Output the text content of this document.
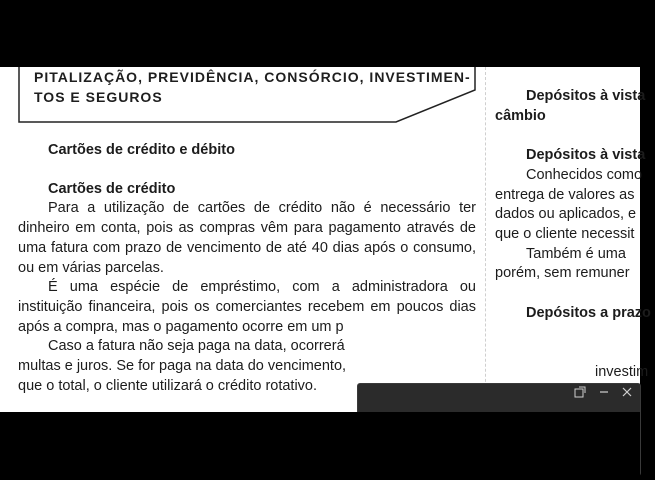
PITALIZAÇÃO, PREVIDÊNCIA, CONSÓRCIO, INVESTIMEN-TOS E SEGUROS
Cartões de crédito e débito
Cartões de crédito

Para a utilização de cartões de crédito não é necessário ter dinheiro em conta, pois as compras vêm para pagamento através de uma fatura com prazo de vencimento de até 40 dias após o consumo, ou em várias parcelas.

É uma espécie de empréstimo, com a administradora ou instituição financeira, pois os comerciantes recebem em poucos dias após a compra, mas o pagamento ocorre em um p

Caso a fatura não seja paga na data, ocorrerá

multas e juros. Se for paga na data do vencimento,
que o total, o cliente utilizará o crédito rotativo.
Depósitos à vista
câmbio
Depósitos à vista
Conhecidos como
entrega de valores as
dados ou aplicados, e
que o cliente necessit
Também é uma
porém, sem remuner
Depósitos a prazo
investim
